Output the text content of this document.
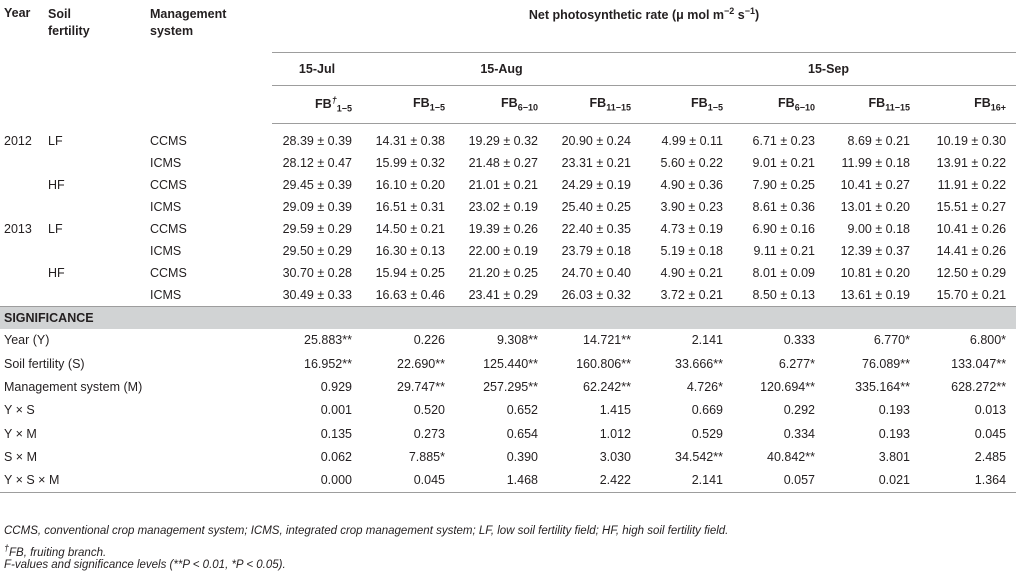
Year	Soil
fertility	Management
system	Net photosynthetic rate (μ mol $m^{-2}$ $s^{-1}$)							
			15-Jul	15-Aug			15-Sep			
			$FB^\dagger_{1-5}$	$FB_{1-5}$	$FB_{6-10}$	$FB_{11-15}$	$FB_{1-5}$	$FB_{6-10}$	$FB_{11-15}$	$FB_{16+}$
2012	LF	CCMS	28.39 ± 0.39	14.31 ± 0.38	19.29 ± 0.32	20.90 ± 0.24	4.99 ± 0.11	6.71 ± 0.23	8.69 ± 0.21	10.19 ± 0.30
		ICMS	28.12 ± 0.47	15.99 ± 0.32	21.48 ± 0.27	23.31 ± 0.21	5.60 ± 0.22	9.01 ± 0.21	11.99 ± 0.18	13.91 ± 0.22
	HF	CCMS	29.45 ± 0.39	16.10 ± 0.20	21.01 ± 0.21	24.29 ± 0.19	4.90 ± 0.36	7.90 ± 0.25	10.41 ± 0.27	11.91 ± 0.22
		ICMS	29.09 ± 0.39	16.51 ± 0.31	23.02 ± 0.19	25.40 ± 0.25	3.90 ± 0.23	8.61 ± 0.36	13.01 ± 0.20	15.51 ± 0.27
2013	LF	CCMS	29.59 ± 0.29	14.50 ± 0.21	19.39 ± 0.26	22.40 ± 0.35	4.73 ± 0.19	6.90 ± 0.16	9.00 ± 0.18	10.41 ± 0.26
		ICMS	29.50 ± 0.29	16.30 ± 0.13	22.00 ± 0.19	23.79 ± 0.18	5.19 ± 0.18	9.11 ± 0.21	12.39 ± 0.37	14.41 ± 0.26
	HF	CCMS	30.70 ± 0.28	15.94 ± 0.25	21.20 ± 0.25	24.70 ± 0.40	4.90 ± 0.21	8.01 ± 0.09	10.81 ± 0.20	12.50 ± 0.29
		ICMS	30.49 ± 0.33	16.63 ± 0.46	23.41 ± 0.29	26.03 ± 0.32	3.72 ± 0.21	8.50 ± 0.13	13.61 ± 0.19	15.70 ± 0.21
SIGNIFICANCE										
Year (Y)			25.883**	0.226	9.308**	14.721**	2.141	0.333	6.770*	6.800*
Soil fertility (S)			16.952**	22.690**	125.440**	160.806**	33.666**	6.277*	76.089**	133.047**
Management system (M)			0.929	29.747**	257.295**	62.242**	4.726*	120.694**	335.164**	628.272**
Y × S			0.001	0.520	0.652	1.415	0.669	0.292	0.193	0.013
Y × M			0.135	0.273	0.654	1.012	0.529	0.334	0.193	0.045
S × M			0.062	7.885*	0.390	3.030	34.542**	40.842**	3.801	2.485
Y × S × M			0.000	0.045	1.468	2.422	2.141	0.057	0.021	1.364
CCMS, conventional crop management system; ICMS, integrated crop management system; LF, low soil fertility field; HF, high soil fertility field.
†FB, fruiting branch.
F-values and significance levels (**P < 0.01, *P < 0.05).
